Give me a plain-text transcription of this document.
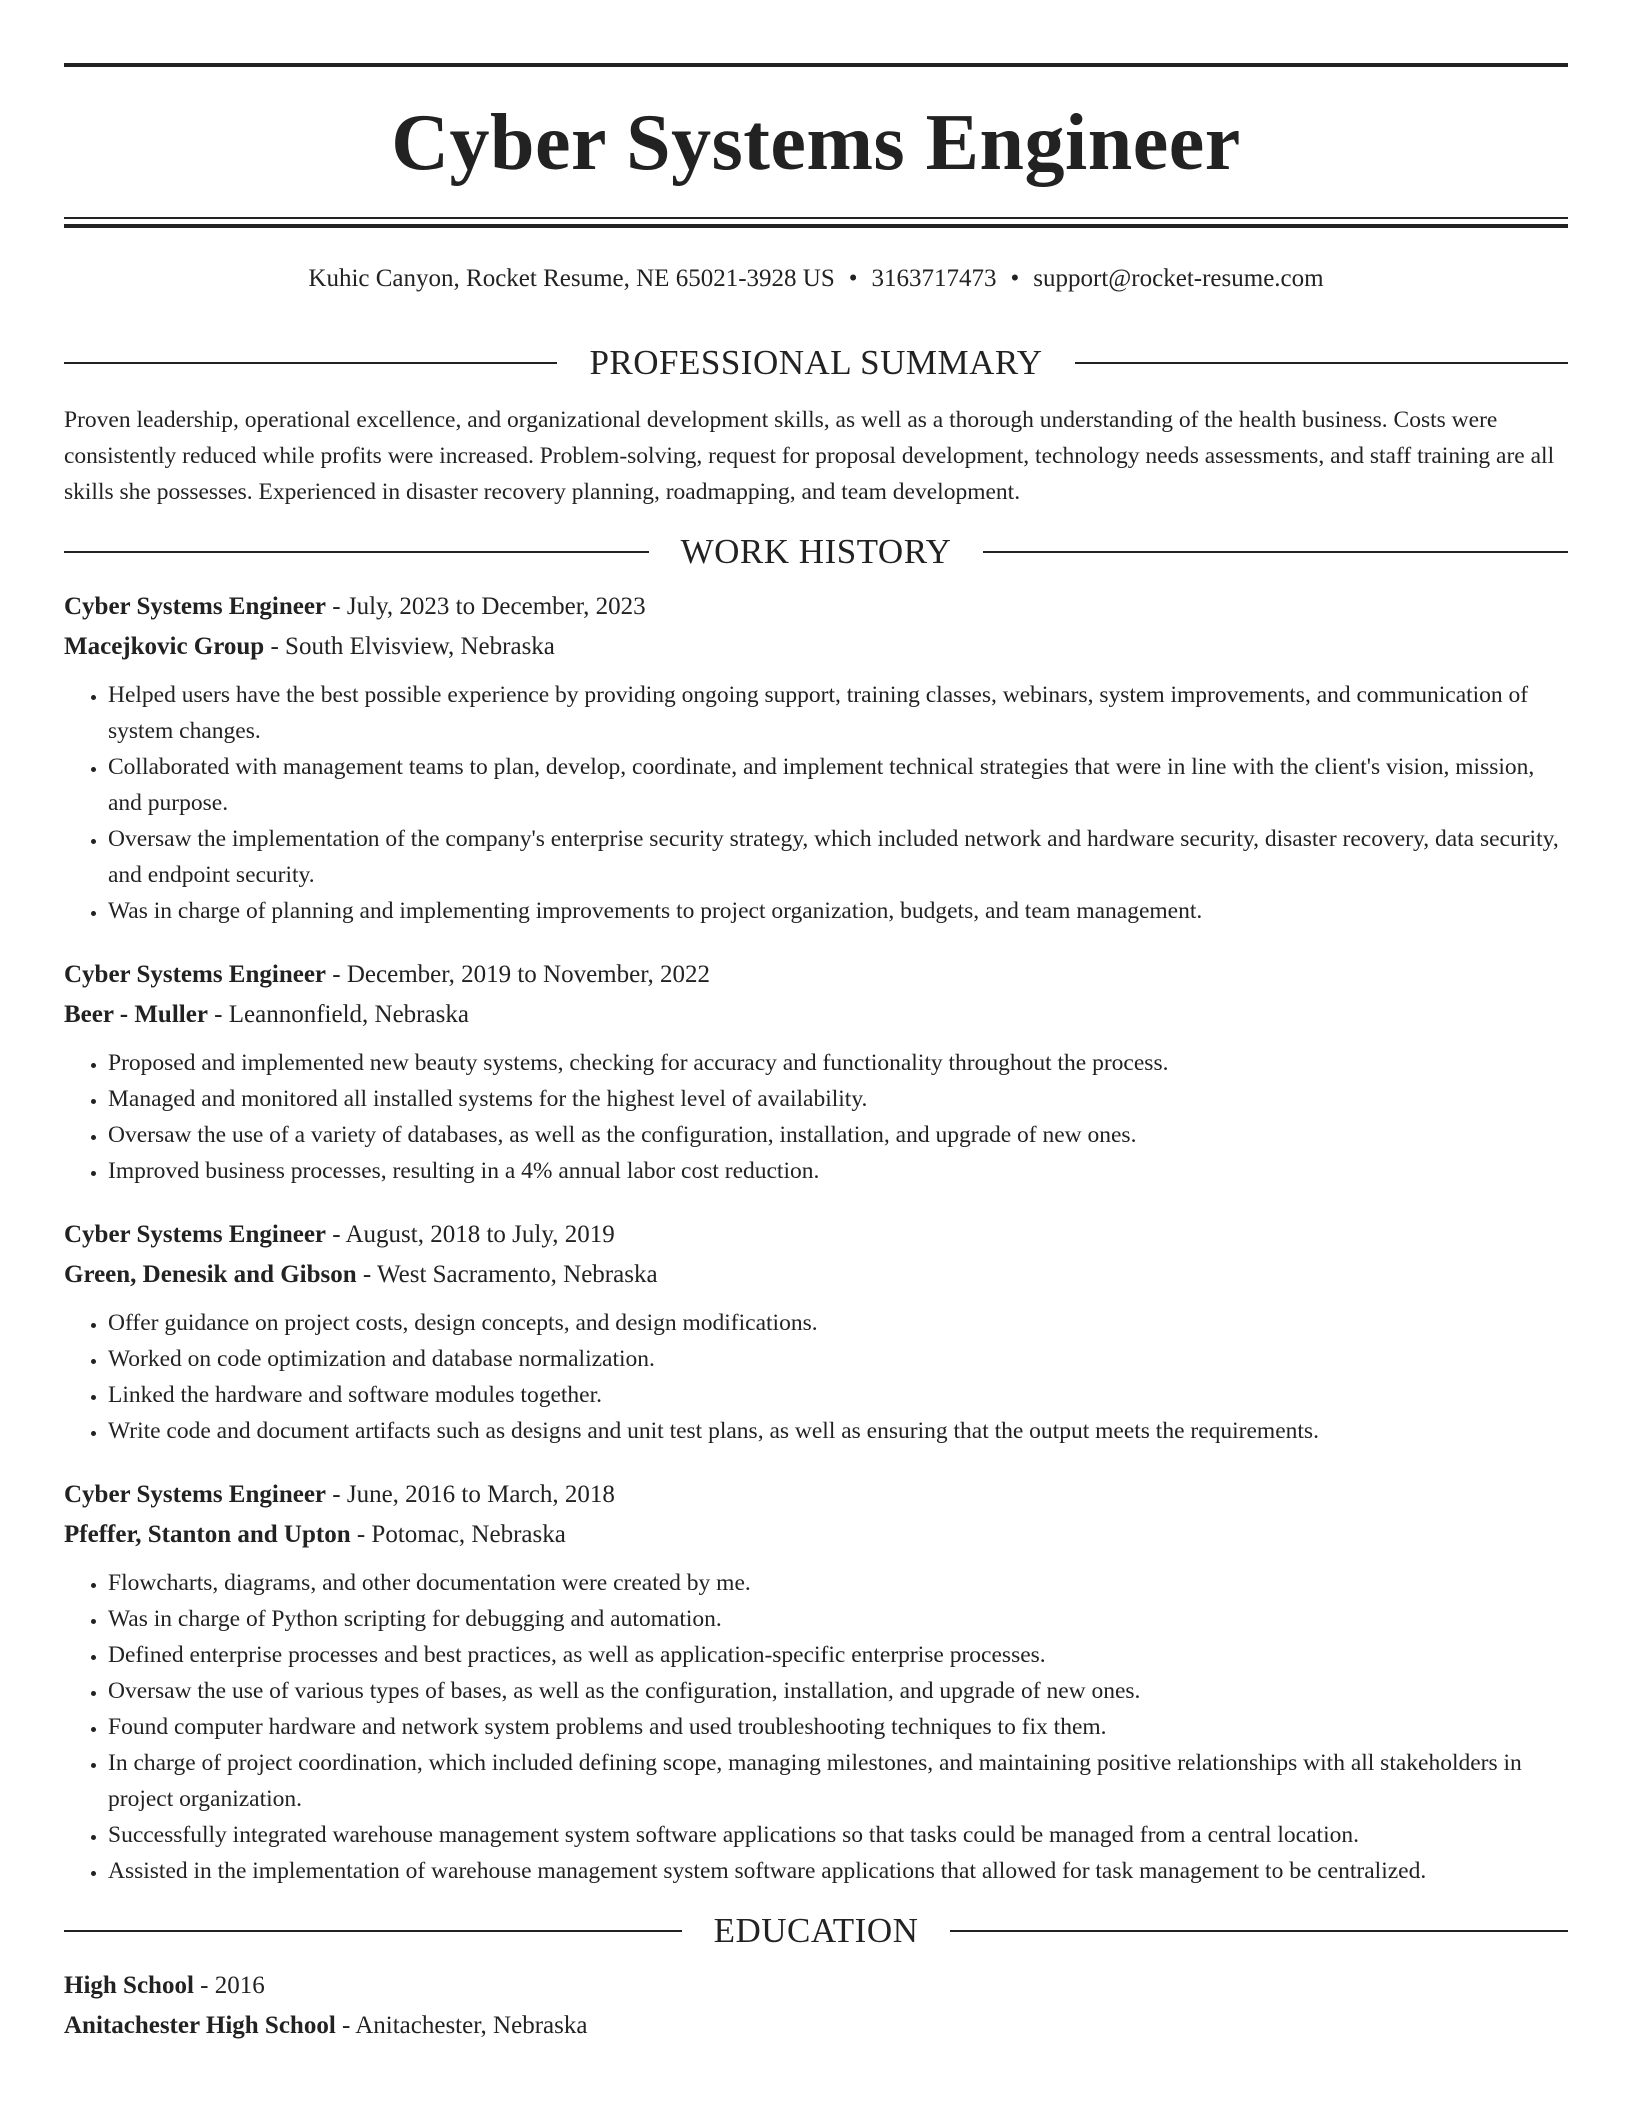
Cyber Systems Engineer
Kuhic Canyon, Rocket Resume, NE 65021-3928 US • 3163717473 • support@rocket-resume.com
PROFESSIONAL SUMMARY

Proven leadership, operational excellence, and organizational development skills, as well as a thorough understanding of the health business. Costs were consistently reduced while profits were increased. Problem-solving, request for proposal development, technology needs assessments, and staff training are all skills she possesses. Experienced in disaster recovery planning, roadmapping, and team development.

WORK HISTORY
Cyber Systems Engineer - July, 2023 to December, 2023
Macejkovic Group - South Elvisview, Nebraska
• Helped users have the best possible experience by providing ongoing support, training classes, webinars, system improvements, and communication of system changes.
• Collaborated with management teams to plan, develop, coordinate, and implement technical strategies that were in line with the client's vision, mission, and purpose.
• Oversaw the implementation of the company's enterprise security strategy, which included network and hardware security, disaster recovery, data security, and endpoint security.
• Was in charge of planning and implementing improvements to project organization, budgets, and team management.
Cyber Systems Engineer - December, 2019 to November, 2022
Beer - Muller - Leannonfield, Nebraska
• Proposed and implemented new beauty systems, checking for accuracy and functionality throughout the process.
• Managed and monitored all installed systems for the highest level of availability.
• Oversaw the use of a variety of databases, as well as the configuration, installation, and upgrade of new ones.
• Improved business processes, resulting in a 4% annual labor cost reduction.
Cyber Systems Engineer - August, 2018 to July, 2019
Green, Denesik and Gibson - West Sacramento, Nebraska
• Offer guidance on project costs, design concepts, and design modifications.
• Worked on code optimization and database normalization.
• Linked the hardware and software modules together.
• Write code and document artifacts such as designs and unit test plans, as well as ensuring that the output meets the requirements.
Cyber Systems Engineer - June, 2016 to March, 2018
Pfeffer, Stanton and Upton - Potomac, Nebraska
• Flowcharts, diagrams, and other documentation were created by me.
• Was in charge of Python scripting for debugging and automation.
• Defined enterprise processes and best practices, as well as application-specific enterprise processes.
• Oversaw the use of various types of bases, as well as the configuration, installation, and upgrade of new ones.
• Found computer hardware and network system problems and used troubleshooting techniques to fix them.
• In charge of project coordination, which included defining scope, managing milestones, and maintaining positive relationships with all stakeholders in project organization.
• Successfully integrated warehouse management system software applications so that tasks could be managed from a central location.
• Assisted in the implementation of warehouse management system software applications that allowed for task management to be centralized.
EDUCATION
High School - 2016
Anitachester High School - Anitachester, Nebraska
